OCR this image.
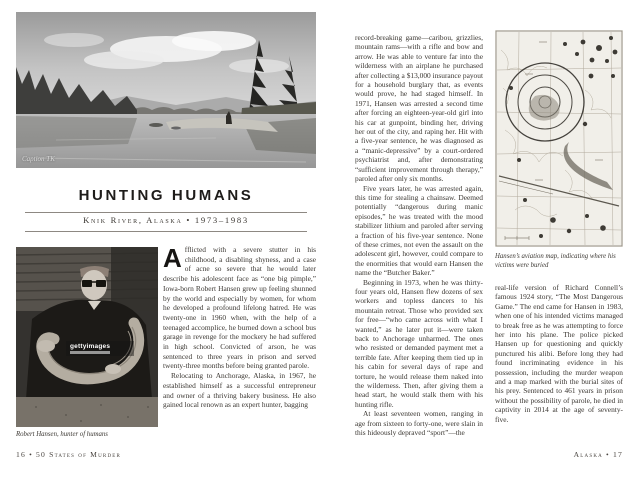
Caption TK
HUNTING HUMANS
Knik River, Alaska • 1973–1983
gettyimages
Robert Hansen, hunter of humans

Afflicted with a severe stutter in his childhood, a disabling shyness, and a case of acne so severe that he would later describe his adolescent face as “one big pimple,” Iowa-born Robert Hansen grew up feeling shunned by the world and especially by women, for whom he developed a profound lifelong hatred. He was twenty-one in 1960 when, with the help of a teenaged accomplice, he burned down a school bus garage in revenge for the mockery he had suffered in high school. Convicted of arson, he was sentenced to three years in prison and served twenty-three months before being granted parole.

Relocating to Anchorage, Alaska, in 1967, he established himself as a successful entrepreneur and owner of a thriving bakery business. He also gained local renown as an expert hunter, bagging

16 • 50 States of Murder

record-breaking game—caribou, grizzlies, mountain rams—with a rifle and bow and arrow. He was able to venture far into the wilderness with an airplane he purchased after collecting a $13,000 insurance payout for a household burglary that, as events would prove, he had staged himself. In 1971, Hansen was arrested a second time after forcing an eighteen-year-old girl into his car at gunpoint, binding her, driving her out of the city, and raping her. Hit with a five-year sentence, he was diagnosed as a “manic-depressive” by a court-ordered psychiatrist and, after demonstrating “sufficient improvement through therapy,” paroled after only six months.

Five years later, he was arrested again, this time for stealing a chainsaw. Deemed potentially “dangerous during manic episodes,” he was treated with the mood stabilizer lithium and paroled after serving a fraction of his five-year sentence. None of these crimes, not even the assault on the adolescent girl, however, could compare to the enormities that would earn Hansen the name the “Butcher Baker.”

Beginning in 1973, when he was thirty-four years old, Hansen flew dozens of sex workers and topless dancers to his mountain retreat. Those who provided sex for free—“who came across with what I wanted,” as he later put it—were taken back to Anchorage unharmed. The ones who resisted or demanded payment met a terrible fate. After keeping them tied up in his cabin for several days of rape and torture, he would release them naked into the wilderness. Then, after giving them a head start, he would stalk them with his hunting rifle.

At least seventeen women, ranging in age from sixteen to forty-one, were slain in this hideously depraved “sport”—the

Hansen’s aviation map, indicating where his victims were buried

real-life version of Richard Connell’s famous 1924 story, “The Most Dangerous Game.” The end came for Hansen in 1983, when one of his intended victims managed to break free as he was attempting to force her into his plane. The police picked Hansen up for questioning and quickly punctured his alibi. Before long they had found incriminating evidence in his possession, including the murder weapon and a map marked with the burial sites of his prey. Sentenced to 461 years in prison without the possibility of parole, he died in captivity in 2014 at the age of seventy-five.

Alaska • 17
